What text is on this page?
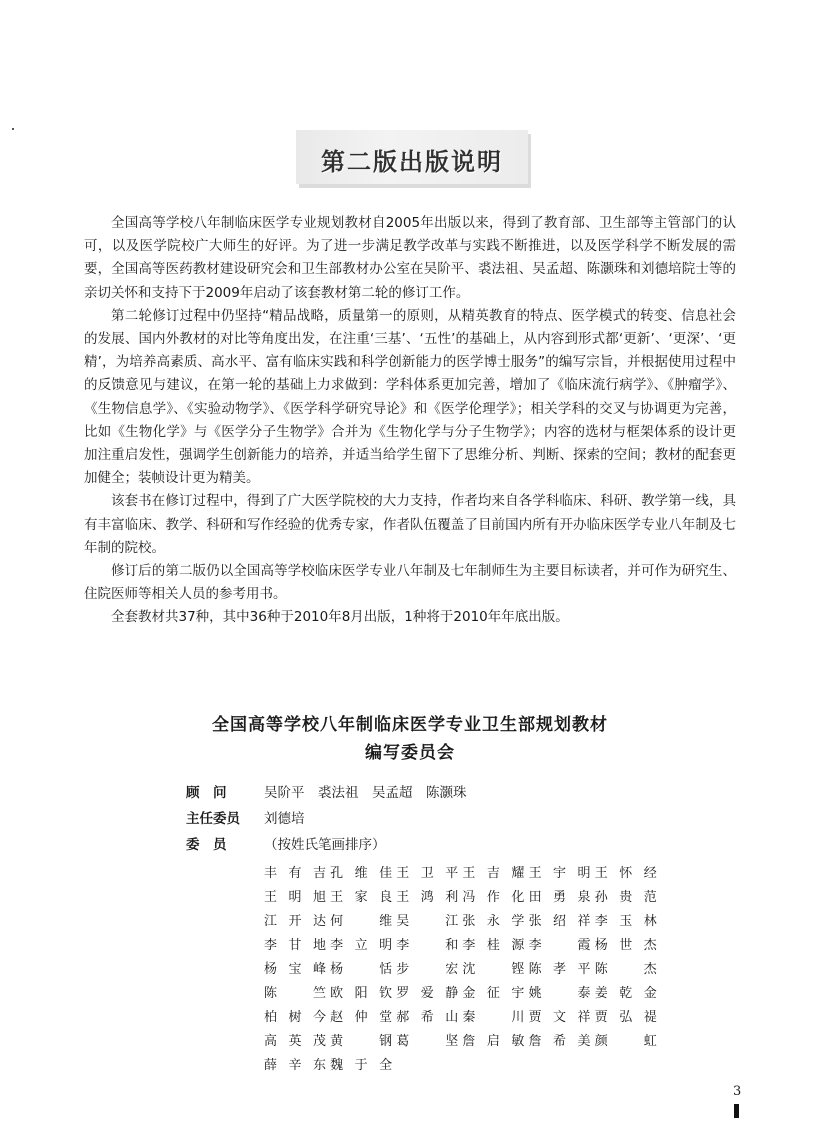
第二版出版说明

全国高等学校八年制临床医学专业规划教材自2005年出版以来，得到了教育部、卫生部等主管部门的认可，以及医学院校广大师生的好评。为了进一步满足教学改革与实践不断推进，以及医学科学不断发展的需要，全国高等医药教材建设研究会和卫生部教材办公室在吴阶平、裘法祖、吴孟超、陈灏珠和刘德培院士等的亲切关怀和支持下于2009年启动了该套教材第二轮的修订工作。

第二轮修订过程中仍坚持“精品战略，质量第一的原则，从精英教育的特点、医学模式的转变、信息社会的发展、国内外教材的对比等角度出发，在注重‘三基’、‘五性’的基础上，从内容到形式都‘更新’、‘更深’、‘更精’，为培养高素质、高水平、富有临床实践和科学创新能力的医学博士服务”的编写宗旨，并根据使用过程中的反馈意见与建议，在第一轮的基础上力求做到：学科体系更加完善，增加了《临床流行病学》、《肿瘤学》、《生物信息学》、《实验动物学》、《医学科学研究导论》和《医学伦理学》；相关学科的交叉与协调更为完善，比如《生物化学》与《医学分子生物学》合并为《生物化学与分子生物学》；内容的选材与框架体系的设计更加注重启发性，强调学生创新能力的培养，并适当给学生留下了思维分析、判断、探索的空间；教材的配套更加健全；装帧设计更为精美。

该套书在修订过程中，得到了广大医学院校的大力支持，作者均来自各学科临床、科研、教学第一线，具有丰富临床、教学、科研和写作经验的优秀专家，作者队伍覆盖了目前国内所有开办临床医学专业八年制及七年制的院校。

修订后的第二版仍以全国高等学校临床医学专业八年制及七年制师生为主要目标读者，并可作为研究生、住院医师等相关人员的参考用书。

全套教材共37种，其中36种于2010年8月出版，1种将于2010年年底出版。

全国高等学校八年制临床医学专业卫生部规划教材
编写委员会
顾　问	吴阶平　裘法祖　吴孟超　陈灏珠
主任委员 刘德培
委　员	（按姓氏笔画排序）
丰有吉 孔维佳 王卫平 王吉耀 王宇明 王怀经
王明旭 王家良 王鸿利 冯作化 田勇泉 孙贵范
江开达 何维 吴江 张永学 张绍祥 李玉林
李甘地 李立明 李和 李桂源 李霞 杨世杰
杨宝峰 杨恬 步宏 沈铿 陈孝平 陈杰
陈竺 欧阳钦 罗爱静 金征宇 姚泰 姜乾金
柏树今 赵仲堂 郝希山 秦川 贾文祥 贾弘禔
高英茂 黄钢 葛坚 詹启敏 詹希美 颜虹
薛辛东 魏于全
3
